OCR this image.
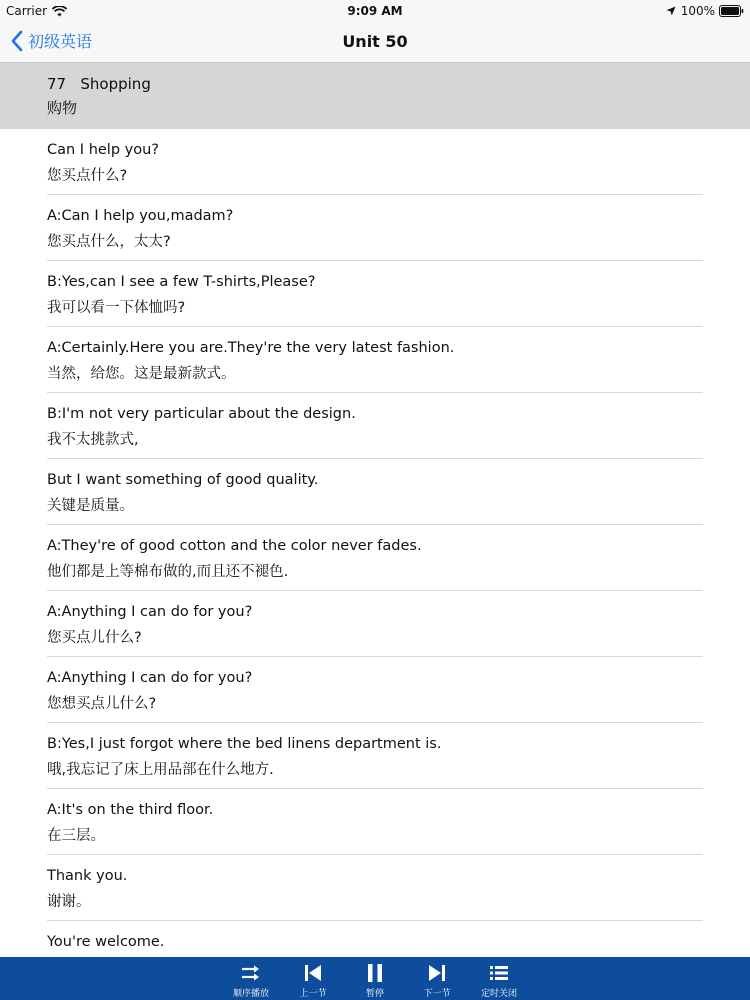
Carrier	9:09 AM	100%
初级英语	Unit 50
77   Shopping
购物
Can I help you?
您买点什么?
A:Can I help you,madam?
您买点什么，太太?
B:Yes,can I see a few T-shirts,Please?
我可以看一下体恤吗?
A:Certainly.Here you are.They're the very latest fashion.
当然，给您。这是最新款式。
B:I'm not very particular about the design.
我不太挑款式,
But I want something of good quality.
关键是质量。
A:They're of good cotton and the color never fades.
他们都是上等棉布做的,而且还不褪色.
A:Anything I can do for you?
您买点儿什么?
A:Anything I can do for you?
您想买点儿什么?
B:Yes,I just forgot where the bed linens department is.
哦,我忘记了床上用品部在什么地方.
A:It's on the third floor.
在三层。
Thank you.
谢谢。
You're welcome.
顺序播放	上一节	暂停	下一节	定时关闭
